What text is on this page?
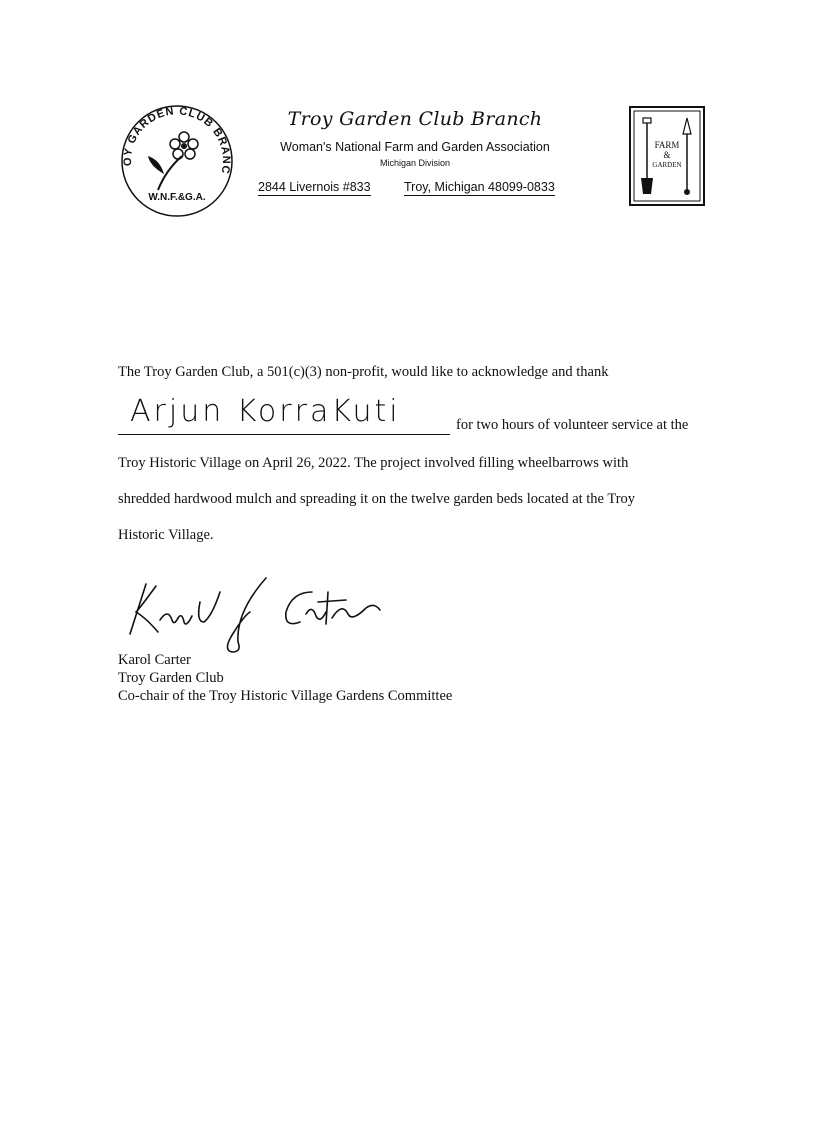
OY GARDEN CLUB BRANC
W.N.F.&G.A.
Troy Garden Club Branch
Woman's National Farm and Garden Association
Michigan Division
2844 Livernois #833	Troy, Michigan 48099-0833
FARM
&
GARDEN
The Troy Garden Club, a 501(c)(3) non-profit, would like to acknowledge and thank
Arjun KorraKuti	for two hours of volunteer service at the
Troy Historic Village on April 26, 2022. The project involved filling wheelbarrows with
shredded hardwood mulch and spreading it on the twelve garden beds located at the Troy
Historic Village.
Karol Carter
Troy Garden Club
Co-chair of the Troy Historic Village Gardens Committee
